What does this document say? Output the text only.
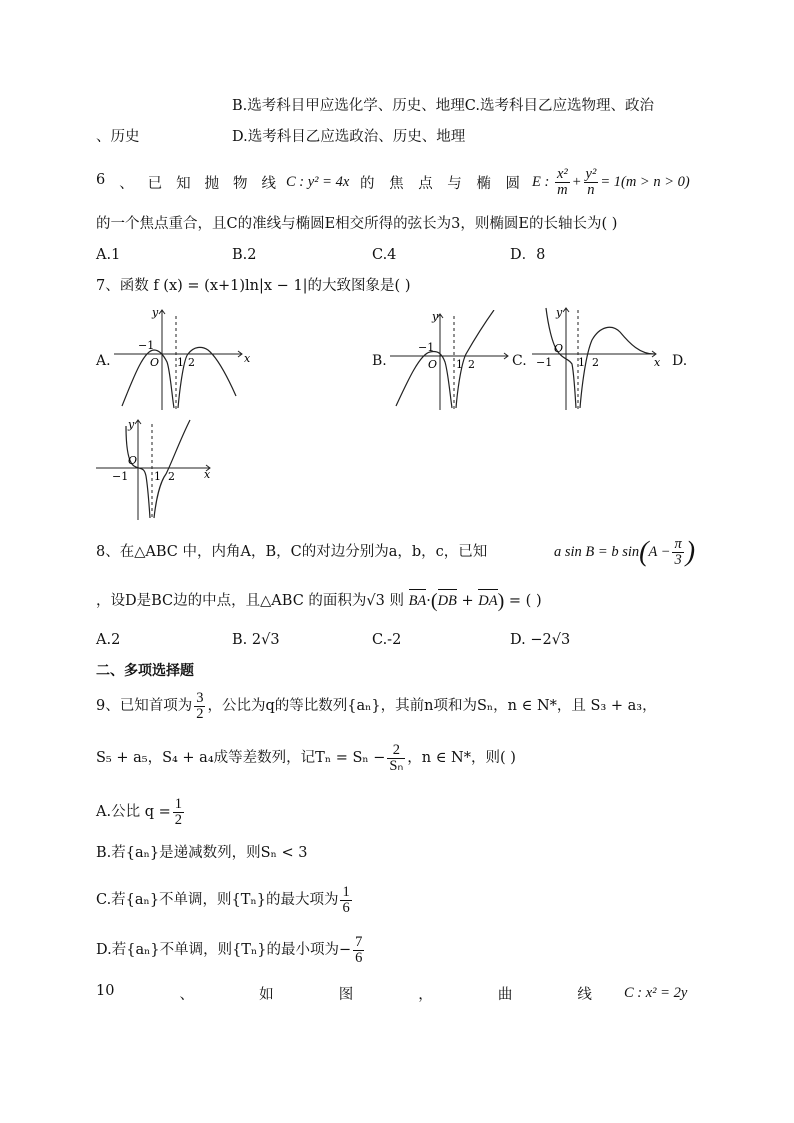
B.选考科目甲应选化学、历史、地理C.选考科目乙应选物理、政治
、历史	D.选考科目乙应选政治、历史、地理
6 、 已 知 抛 物 线 C : y² = 4x 的 焦 点 与 椭 圆 E : $\frac{\text{x²}}{m} + \frac{\text{y²}}{n} = 1(m > n > 0)$
的一个焦点重合，且C的准线与椭圆E相交所得的弦长为3，则椭圆E的长轴长为( )
A.1	B.2	C.4	D．8
7、函数 f (x) = (x+1)ln|x − 1|的大致图象是( )
A.	B.	C.	D.
y
x
O
−1
1 2
y
O
−1
1 2
y
x
O
−1 1 2
y
x
O
−1 1 2
8、在△ABC 中，内角A，B，C的对边分别为a，b，c，已知	a sin B = b $\sin(A - \frac{\pi}{3}$ )
，设D是BC边的中点，且△ABC 的面积为√3 则 BA·(DB + DA) = ( )
A.2	B. 2√3	C.-2	D. −2√3
二、多项选择题
9、已知首项为 $\frac{3}{2}$ ，公比为q的等比数列{aₙ}，其前n项和为Sₙ，n ∈ N*，且 S₃ + a₃，
S₅ + a₅，S₄ + a₄成等差数列，记$T_n = S_n - \frac{2}{\text{Sₙ}}$ ，n ∈ N*，则( )
A.公比 $q = \frac{1}{2}$
B.若{aₙ}是递减数列，则Sₙ < 3
C.若{aₙ}不单调，则{Tₙ}的最大项为 $\frac{1}{6}$
D.若{aₙ}不单调，则{Tₙ}的最小项为− $\frac{7}{6}$
10	、	如	图	，	曲	线 C : x² = 2y
